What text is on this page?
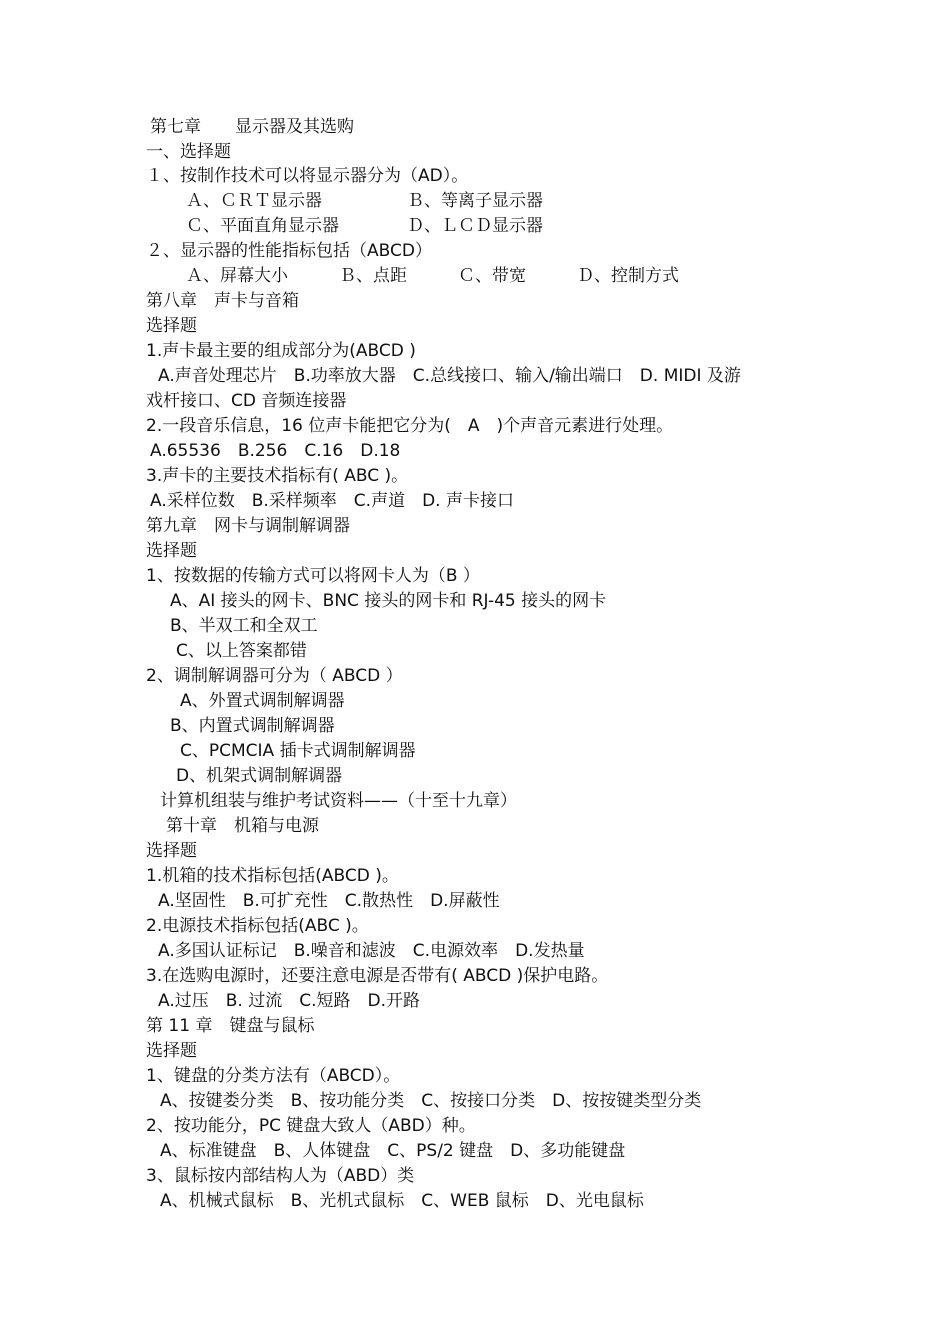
第七章　　显示器及其选购
一、选择题
１、按制作技术可以将显示器分为（AD）。
Ａ、ＣＲＴ显示器　　　　　Ｂ、等离子显示器
Ｃ、平面直角显示器　　　　Ｄ、ＬＣＤ显示器
２、显示器的性能指标包括（ABCD）
Ａ、屏幕大小　　　Ｂ、点距　　　Ｃ、带宽　　　Ｄ、控制方式
第八章　声卡与音箱
选择题
1.声卡最主要的组成部分为(ABCD )
A.声音处理芯片　B.功率放大器　C.总线接口、输入/输出端口　D. MIDI 及游
戏杆接口、CD 音频连接器
2.一段音乐信息，16 位声卡能把它分为(　A　)个声音元素进行处理。
A.65536　B.256　C.16　D.18
3.声卡的主要技术指标有( ABC )。
A.采样位数　B.采样频率　C.声道　D. 声卡接口
第九章　网卡与调制解调器
选择题
1、按数据的传输方式可以将网卡人为（B ）
A、AI 接头的网卡、BNC 接头的网卡和 RJ-45 接头的网卡
B、半双工和全双工
C、以上答案都错
2、调制解调器可分为（ ABCD ）
A、外置式调制解调器
B、内置式调制解调器
C、PCMCIA 插卡式调制解调器
D、机架式调制解调器
计算机组装与维护考试资料——（十至十九章）
第十章　机箱与电源
选择题
1.机箱的技术指标包括(ABCD )。
A.坚固性　B.可扩充性　C.散热性　D.屏蔽性
2.电源技术指标包括(ABC )。
A.多国认证标记　B.噪音和滤波　C.电源效率　D.发热量
3.在选购电源时，还要注意电源是否带有( ABCD )保护电路。
A.过压　B. 过流　C.短路　D.开路
第 11 章　键盘与鼠标
选择题
1、键盘的分类方法有（ABCD）。
A、按键娄分类　B、按功能分类　C、按接口分类　D、按按键类型分类
2、按功能分，PC 键盘大致人（ABD）种。
A、标准键盘　B、人体键盘　C、PS/2 键盘　D、多功能键盘
3、鼠标按内部结构人为（ABD）类
A、机械式鼠标　B、光机式鼠标　C、WEB 鼠标　D、光电鼠标
